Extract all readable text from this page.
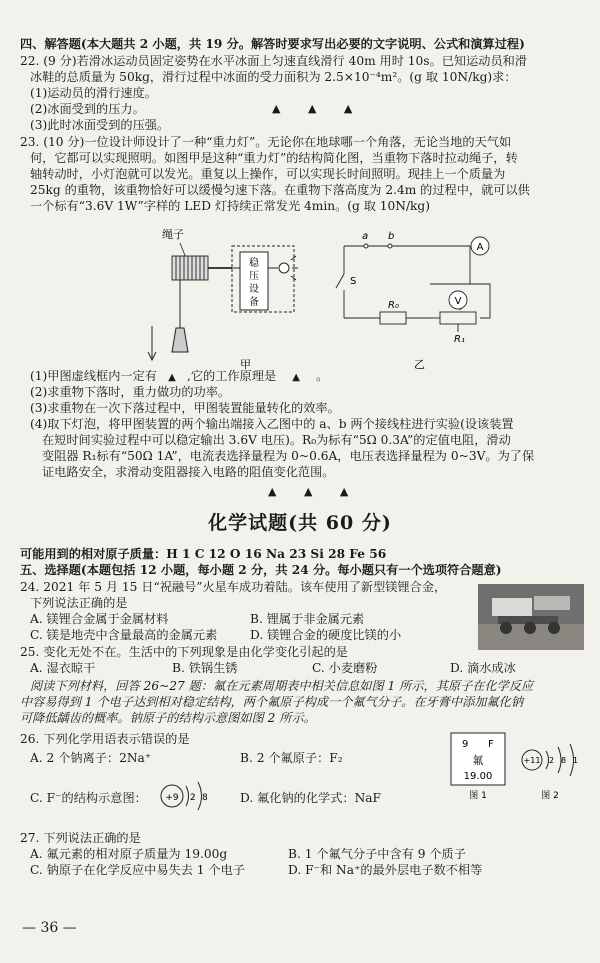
四、解答题(本大题共 2 小题，共 19 分。解答时要求写出必要的文字说明、公式和演算过程)
22. (9 分)若滑冰运动员固定姿势在水平冰面上匀速直线滑行 40m 用时 10s。已知运动员和滑
冰鞋的总质量为 50kg，滑行过程中冰面的受力面积为 2.5×10⁻⁴m²。(g 取 10N/kg)求：
(1)运动员的滑行速度。
(2)冰面受到的压力。	▲ ▲ ▲
(3)此时冰面受到的压强。
23. (10 分)一位设计师设计了一种“重力灯”。无论你在地球哪一个角落，无论当地的天气如
何，它都可以实现照明。如图甲是这种“重力灯”的结构简化图，当重物下落时拉动绳子，转
轴转动时，小灯泡就可以发光。重复以上操作，可以实现长时间照明。现挂上一个质量为
25kg 的重物，该重物恰好可以缓慢匀速下落。在重物下落高度为 2.4m 的过程中，就可以供
一个标有“3.6V 1W”字样的 LED 灯持续正常发光 4min。(g 取 10N/kg)
绳子
稳
压
设
备
甲
a b
A
V
S
R₀
R₁
乙
(1)甲图虚线框内一定有 ▲ ,它的工作原理是 ▲ 。
(2)求重物下落时，重力做功的功率。
(3)求重物在一次下落过程中，甲图装置能量转化的效率。
(4)取下灯泡，将甲图装置的两个输出端接入乙图中的 a、b 两个接线柱进行实验(设该装置
在短时间实验过程中可以稳定输出 3.6V 电压)。R₀为标有“5Ω 0.3A”的定值电阻，滑动
变阻器 R₁标有“50Ω 1A”，电流表选择量程为 0~0.6A，电压表选择量程为 0~3V。为了保
证电路安全，求滑动变阻器接入电路的阻值变化范围。
▲ ▲ ▲
化学试题(共 60 分)
可能用到的相对原子质量：H 1 C 12 O 16 Na 23 Si 28 Fe 56
五、选择题(本题包括 12 小题，每小题 2 分，共 24 分。每小题只有一个选项符合题意)
24. 2021 年 5 月 15 日“祝融号”火星车成功着陆。该车使用了新型镁锂合金，
下列说法正确的是
A. 镁锂合金属于金属材料	B. 锂属于非金属元素
C. 镁是地壳中含量最高的金属元素	D. 镁锂合金的硬度比镁的小
25. 变化无处不在。生活中的下列现象是由化学变化引起的是
A. 湿衣晾干	B. 铁锅生锈	C. 小麦磨粉	D. 滴水成冰
阅读下列材料，回答 26~27 题：氟在元素周期表中相关信息如图 1 所示，其原子在化学反应
中容易得到 1 个电子达到相对稳定结构，两个氟原子构成一个氟气分子。在牙膏中添加氟化钠
可降低龋齿的概率。钠原子的结构示意图如图 2 所示。
26. 下列化学用语表示错误的是
A. 2 个钠离子：2Na⁺	B. 2 个氟原子：F₂
C. F⁻的结构示意图： +9 2 8	D. 氟化钠的化学式：NaF
9 F
氟
19.00
图 1
+11 2 8 1
图 2
27. 下列说法正确的是
A. 氟元素的相对原子质量为 19.00g	B. 1 个氟气分子中含有 9 个质子
C. 钠原子在化学反应中易失去 1 个电子	D. F⁻和 Na⁺的最外层电子数不相等
— 36 —
